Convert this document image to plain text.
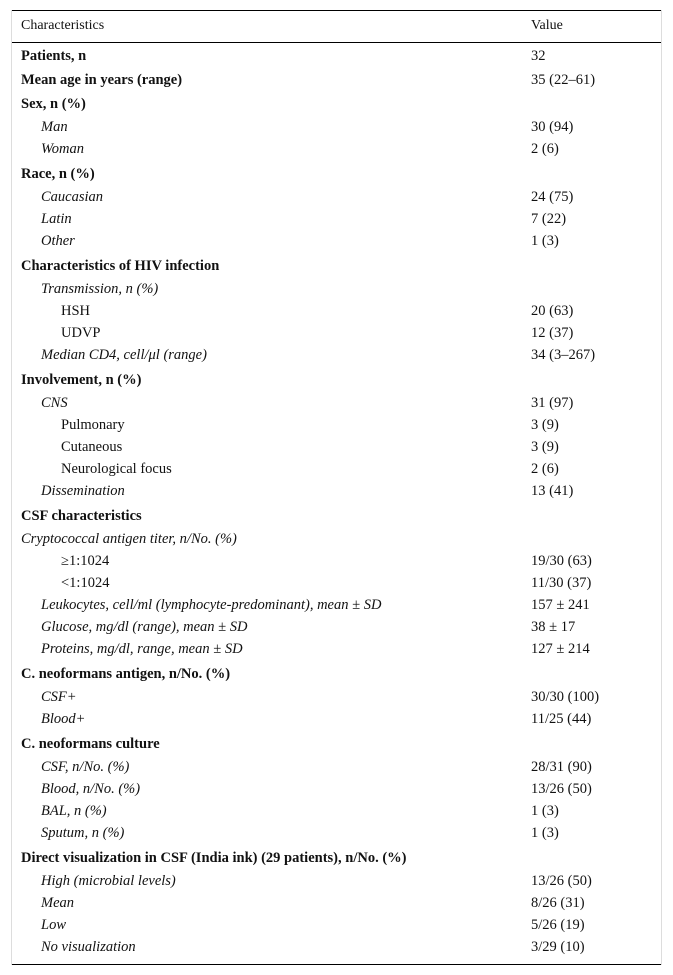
Characteristics	Value
Patients, n	32
Mean age in years (range)	35 (22–61)
Sex, n (%)
Man	30 (94)
Woman	2 (6)
Race, n (%)
Caucasian	24 (75)
Latin	7 (22)
Other	1 (3)
Characteristics of HIV infection
Transmission, n (%)
HSH	20 (63)
UDVP	12 (37)
Median CD4, cell/μl (range)	34 (3–267)
Involvement, n (%)
CNS	31 (97)
Pulmonary	3 (9)
Cutaneous	3 (9)
Neurological focus	2 (6)
Dissemination	13 (41)
CSF characteristics
Cryptococcal antigen titer, n/No. (%)
≥1:1024	19/30 (63)
<1:1024	11/30 (37)
Leukocytes, cell/ml (lymphocyte-predominant), mean ± SD	157 ± 241
Glucose, mg/dl (range), mean ± SD	38 ± 17
Proteins, mg/dl, range, mean ± SD	127 ± 214
C. neoformans antigen, n/No. (%)
CSF+	30/30 (100)
Blood+	11/25 (44)
C. neoformans culture
CSF, n/No. (%)	28/31 (90)
Blood, n/No. (%)	13/26 (50)
BAL, n (%)	1 (3)
Sputum, n (%)	1 (3)
Direct visualization in CSF (India ink) (29 patients), n/No. (%)
High (microbial levels)	13/26 (50)
Mean	8/26 (31)
Low	5/26 (19)
No visualization	3/29 (10)
